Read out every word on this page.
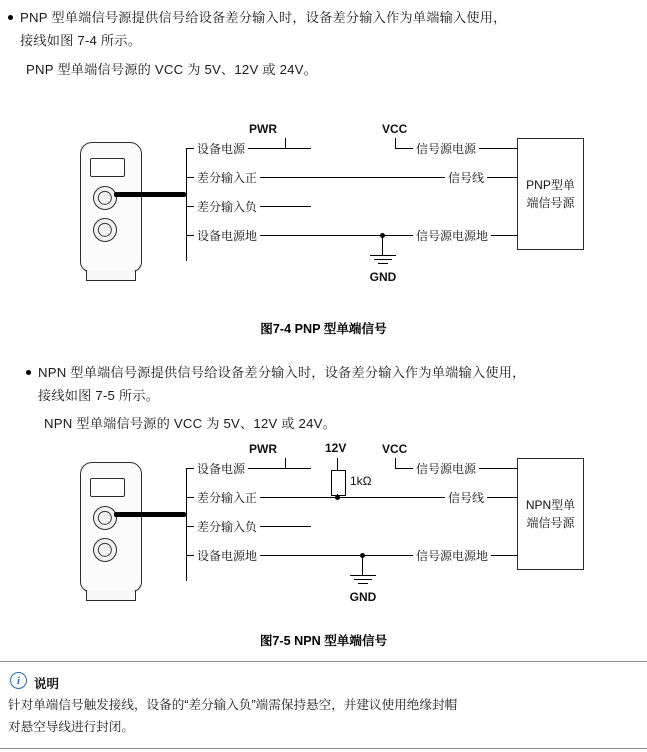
PNP 型单端信号源提供信号给设备差分输入时，设备差分输入作为单端输入使用，
接线如图 7-4 所示。
PNP 型单端信号源的 VCC 为 5V、12V 或 24V。
设备电源
差分输入正
差分输入负
设备电源地
PWR	VCC
信号源电源
信号线
信号源电源地
GND
PNP型单
端信号源
图7-4 PNP 型单端信号
NPN 型单端信号源提供信号给设备差分输入时，设备差分输入作为单端输入使用，
接线如图 7-5 所示。
NPN 型单端信号源的 VCC 为 5V、12V 或 24V。
设备电源
差分输入正
差分输入负
设备电源地
PWR	VCC
12V
1kΩ
信号源电源
信号线
信号源电源地
GND
NPN型单
端信号源
图7-5 NPN 型单端信号
i	说明
针对单端信号触发接线，设备的“差分输入负”端需保持悬空，并建议使用绝缘封帽
对悬空导线进行封闭。
